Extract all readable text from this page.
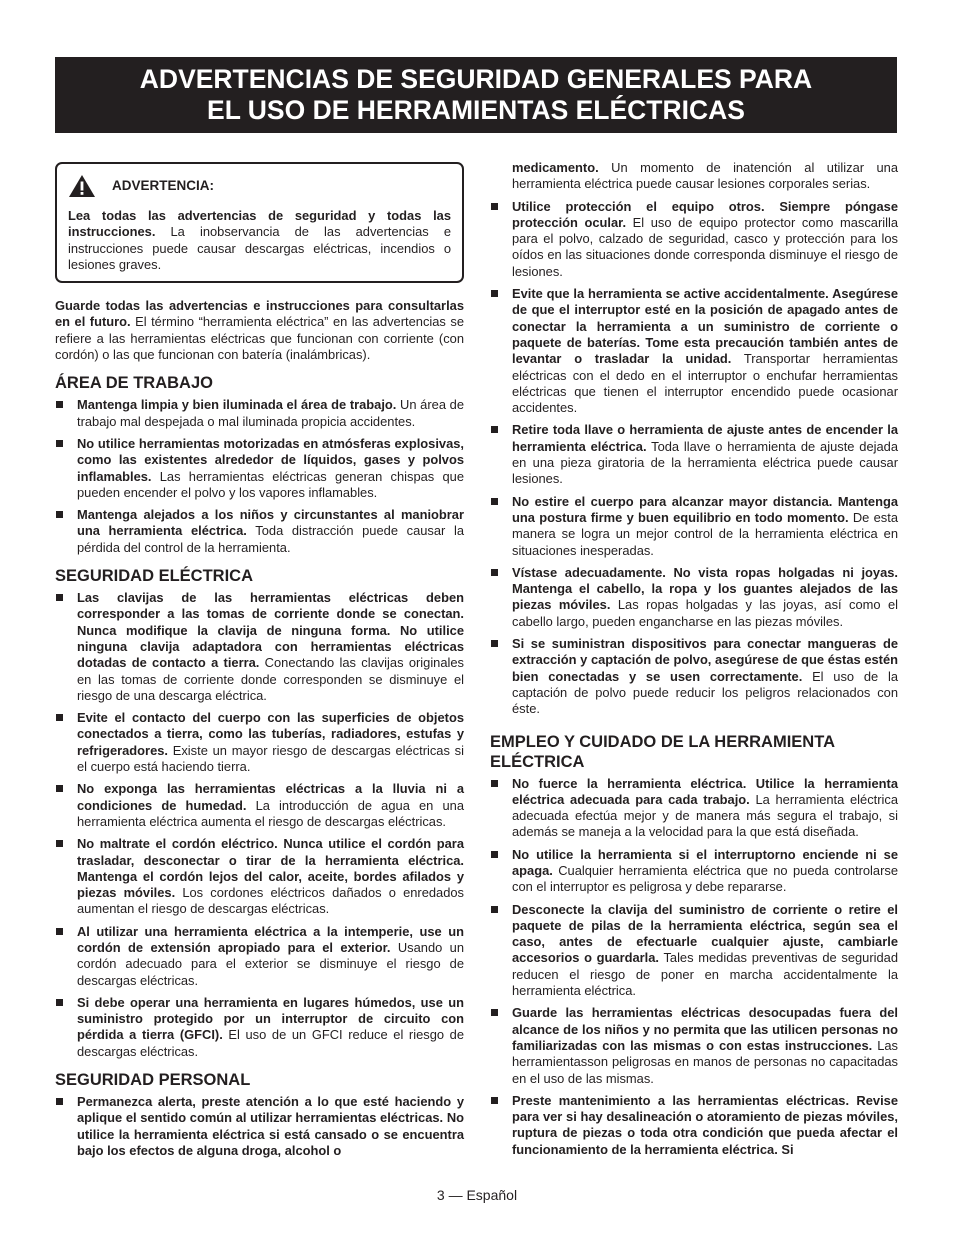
ADVERTENCIAS DE SEGURIDAD GENERALES PARA
EL USO DE HERRAMIENTAS ELÉCTRICAS
ADVERTENCIA:

Lea todas las advertencias de seguridad y todas las instrucciones. La inobservancia de las advertencias e instrucciones puede causar descargas eléctricas, incendios o lesiones graves.

Guarde todas las advertencias e instrucciones para consultarlas en el futuro. El término “herramienta eléctrica” en las advertencias se refiere a las herramientas eléctricas que funcionan con corriente (con cordón) o las que funcionan con batería (inalámbricas).

ÁREA DE TRABAJO
Mantenga limpia y bien iluminada el área de trabajo. Un área de trabajo mal despejada o mal iluminada propicia accidentes.
No utilice herramientas motorizadas en atmósferas explosivas, como las existentes alrededor de líquidos, gases y polvos inflamables. Las herramientas eléctricas generan chispas que pueden encender el polvo y los vapores inflamables.
Mantenga alejados a los niños y circunstantes al maniobrar una herramienta eléctrica. Toda distracción puede causar la pérdida del control de la herramienta.
SEGURIDAD ELÉCTRICA
Las clavijas de las herramientas eléctricas deben corresponder a las tomas de corriente donde se conectan. Nunca modifique la clavija de ninguna forma. No utilice ninguna clavija adaptadora con herramientas eléctricas dotadas de contacto a tierra. Conectando las clavijas originales en las tomas de corriente donde corresponden se disminuye el riesgo de una descarga eléctrica.
Evite el contacto del cuerpo con las superficies de objetos conectados a tierra, como las tuberías, radiadores, estufas y refrigeradores. Existe un mayor riesgo de descargas eléctricas si el cuerpo está haciendo tierra.
No exponga las herramientas eléctricas a la lluvia ni a condiciones de humedad. La introducción de agua en una herramienta eléctrica aumenta el riesgo de descargas eléctricas.
No maltrate el cordón eléctrico. Nunca utilice el cordón para trasladar, desconectar o tirar de la herramienta eléctrica. Mantenga el cordón lejos del calor, aceite, bordes afilados y piezas móviles. Los cordones eléctricos dañados o enredados aumentan el riesgo de descargas eléctricas.
Al utilizar una herramienta eléctrica a la intemperie, use un cordón de extensión apropiado para el exterior. Usando un cordón adecuado para el exterior se disminuye el riesgo de descargas eléctricas.
Si debe operar una herramienta en lugares húmedos, use un suministro protegido por un interruptor de circuito con pérdida a tierra (GFCI). El uso de un GFCI reduce el riesgo de descargas eléctricas.
SEGURIDAD PERSONAL
Permanezca alerta, preste atención a lo que esté haciendo y aplique el sentido común al utilizar herramientas eléctricas. No utilice la herramienta eléctrica si está cansado o se encuentra bajo los efectos de alguna droga, alcohol o
medicamento. Un momento de inatención al utilizar una herramienta eléctrica puede causar lesiones corporales serias.
Utilice protección el equipo otros. Siempre póngase protección ocular. El uso de equipo protector como mascarilla para el polvo, calzado de seguridad, casco y protección para los oídos en las situaciones donde corresponda disminuye el riesgo de lesiones.
Evite que la herramienta se active accidentalmente. Asegúrese de que el interruptor esté en la posición de apagado antes de conectar la herramienta a un suministro de corriente o paquete de baterías. Tome esta precaución también antes de levantar o trasladar la unidad. Transportar herramientas eléctricas con el dedo en el interruptor o enchufar herramientas eléctricas que tienen el interruptor encendido puede ocasionar accidentes.
Retire toda llave o herramienta de ajuste antes de encender la herramienta eléctrica. Toda llave o herramienta de ajuste dejada en una pieza giratoria de la herramienta eléctrica puede causar lesiones.
No estire el cuerpo para alcanzar mayor distancia. Mantenga una postura firme y buen equilibrio en todo momento. De esta manera se logra un mejor control de la herramienta eléctrica en situaciones inesperadas.
Vístase adecuadamente. No vista ropas holgadas ni joyas. Mantenga el cabello, la ropa y los guantes alejados de las piezas móviles. Las ropas holgadas y las joyas, así como el cabello largo, pueden engancharse en las piezas móviles.
Si se suministran dispositivos para conectar mangueras de extracción y captación de polvo, asegúrese de que éstas estén bien conectadas y se usen correctamente. El uso de la captación de polvo puede reducir los peligros relacionados con éste.
EMPLEO Y CUIDADO DE LA HERRAMIENTA ELÉCTRICA
No fuerce la herramienta eléctrica. Utilice la herramienta eléctrica adecuada para cada trabajo. La herramienta eléctrica adecuada efectúa mejor y de manera más segura el trabajo, si además se maneja a la velocidad para la que está diseñada.
No utilice la herramienta si el interruptorno enciende ni se apaga. Cualquier herramienta eléctrica que no pueda controlarse con el interruptor es peligrosa y debe repararse.
Desconecte la clavija del suministro de corriente o retire el paquete de pilas de la herramienta eléctrica, según sea el caso, antes de efectuarle cualquier ajuste, cambiarle accesorios o guardarla. Tales medidas preventivas de seguridad reducen el riesgo de poner en marcha accidentalmente la herramienta eléctrica.
Guarde las herramientas eléctricas desocupadas fuera del alcance de los niños y no permita que las utilicen personas no familiarizadas con las mismas o con estas instrucciones. Las herramientasson peligrosas en manos de personas no capacitadas en el uso de las mismas.
Preste mantenimiento a las herramientas eléctricas. Revise para ver si hay desalineación o atoramiento de piezas móviles, ruptura de piezas o toda otra condición que pueda afectar el funcionamiento de la herramienta eléctrica. Si
3 — Español
